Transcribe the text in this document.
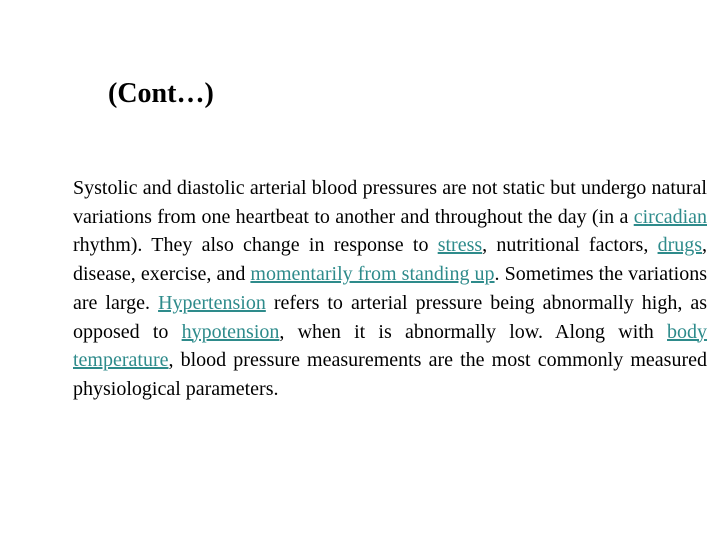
(Cont…)

Systolic and diastolic arterial blood pressures are not static but undergo natural variations from one heartbeat to another and throughout the day (in a circadian rhythm). They also change in response to stress, nutritional factors, drugs, disease, exercise, and momentarily from standing up. Sometimes the variations are large. Hypertension refers to arterial pressure being abnormally high, as opposed to hypotension, when it is abnormally low. Along with body temperature, blood pressure measurements are the most commonly measured physiological parameters.
